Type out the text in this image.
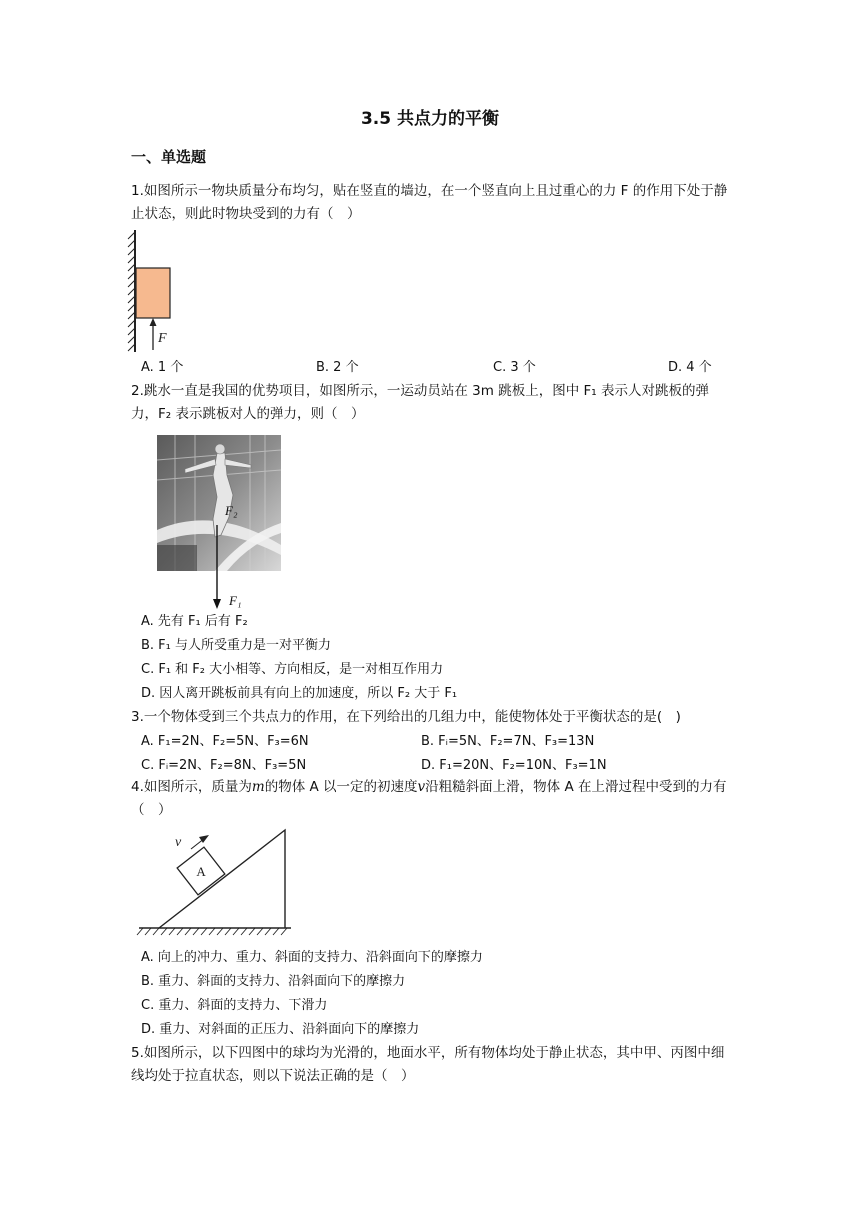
3.5 共点力的平衡
一、单选题
1.如图所示一物块质量分布均匀，贴在竖直的墙边，在一个竖直向上且过重心的力 F 的作用下处于静止状态，则此时物块受到的力有（　）
F
A. 1 个	B. 2 个	C. 3 个	D. 4 个
2.跳水一直是我国的优势项目，如图所示，一运动员站在 3m 跳板上，图中 F₁ 表示人对跳板的弹力，F₂ 表示跳板对人的弹力，则（　）
F₂
F₁
A. 先有 F₁ 后有 F₂
B. F₁ 与人所受重力是一对平衡力
C. F₁ 和 F₂ 大小相等、方向相反，是一对相互作用力
D. 因人离开跳板前具有向上的加速度，所以 F₂ 大于 F₁
3.一个物体受到三个共点力的作用，在下列给出的几组力中，能使物体处于平衡状态的是(　)
A. F₁=2N、F₂=5N、F₃=6N	B. Fᵢ=5N、F₂=7N、F₃=13N
C. Fᵢ=2N、F₂=8N、F₃=5N	D. F₁=20N、F₂=10N、F₃=1N
4.如图所示，质量为m的物体 A 以一定的初速度v沿粗糙斜面上滑，物体 A 在上滑过程中受到的力有（　）
A
v
A. 向上的冲力、重力、斜面的支持力、沿斜面向下的摩擦力
B. 重力、斜面的支持力、沿斜面向下的摩擦力
C. 重力、斜面的支持力、下滑力
D. 重力、对斜面的正压力、沿斜面向下的摩擦力
5.如图所示，以下四图中的球均为光滑的，地面水平，所有物体均处于静止状态，其中甲、丙图中细线均处于拉直状态，则以下说法正确的是（　）
